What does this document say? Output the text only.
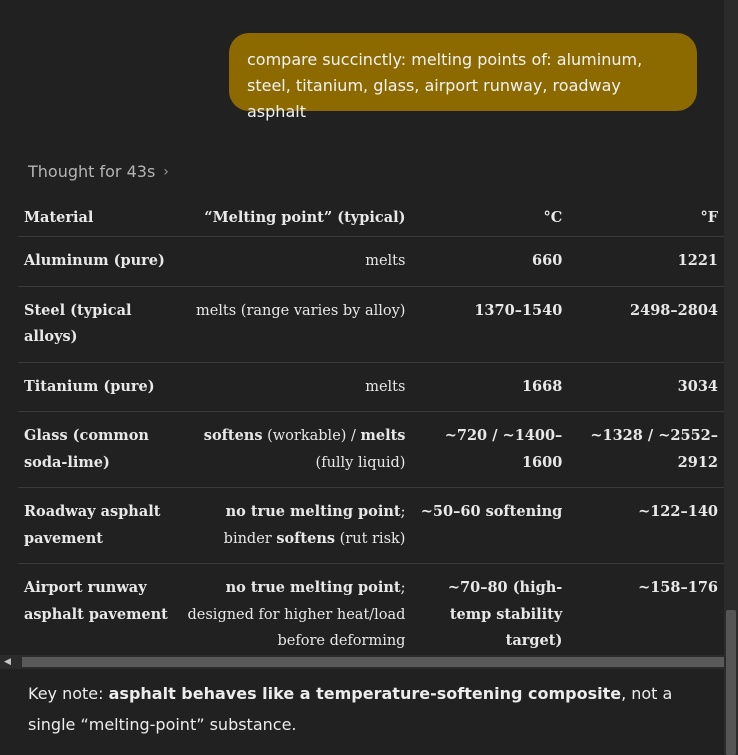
compare succinctly: melting points of: aluminum, steel, titanium, glass, airport runway, roadway asphalt
Thought for 43s ›
Material	“Melting point” (typical)	°C	°F
Aluminum (pure)	melts	660	1221
Steel (typical alloys)	melts (range varies by alloy)	1370–1540	2498–2804
Titanium (pure)	melts	1668	3034
Glass (common soda-lime)	softens (workable) / melts (fully liquid)	~720 / ~1400–1600	~1328 / ~2552–2912
Roadway asphalt pavement	no true melting point; binder softens (rut risk)	~50–60 softening	~122–140
Airport runway asphalt pavement	no true melting point; designed for higher heat/load before deforming	~70–80 (high-temp stability target)	~158–176
◀
Key note: asphalt behaves like a temperature-softening composite, not a single “melting-point” substance.
